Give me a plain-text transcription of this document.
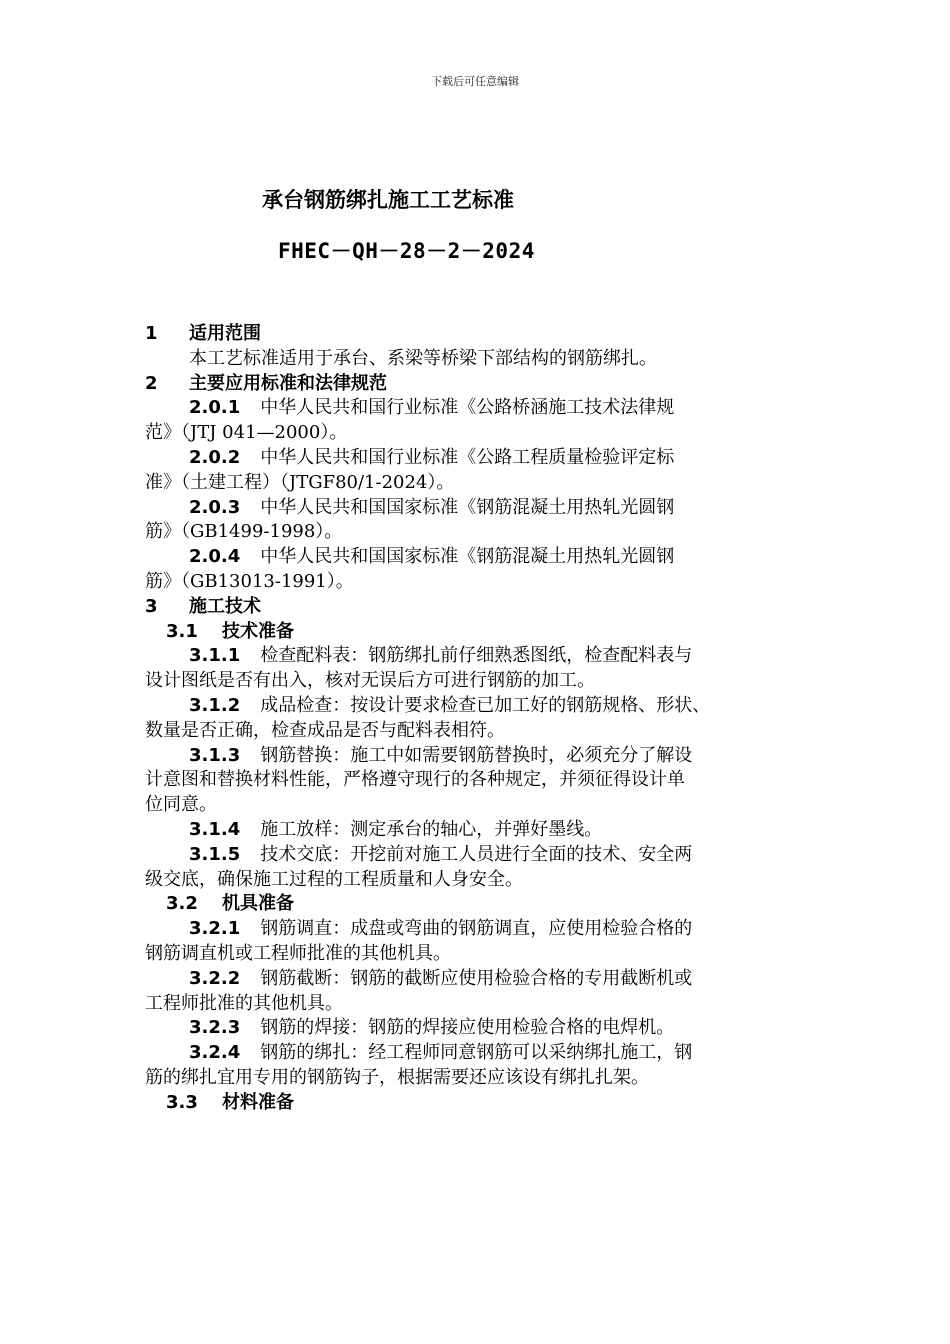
下载后可任意编辑
承台钢筋绑扎施工工艺标准
FHEC－QH－28－2－2024
1 适用范围
本工艺标准适用于承台、系梁等桥梁下部结构的钢筋绑扎。
2 主要应用标准和法律规范
2.0.1 中华人民共和国行业标准《公路桥涵施工技术法律规
范》（JTJ 041—2000）。
2.0.2 中华人民共和国行业标准《公路工程质量检验评定标
准》（土建工程）（JTGF80/1-2024）。
2.0.3 中华人民共和国国家标准《钢筋混凝土用热轧光圆钢
筋》（GB1499-1998）。
2.0.4 中华人民共和国国家标准《钢筋混凝土用热轧光圆钢
筋》（GB13013-1991）。
3 施工技术
3.1 技术准备
3.1.1 检查配料表：钢筋绑扎前仔细熟悉图纸，检查配料表与
设计图纸是否有出入，核对无误后方可进行钢筋的加工。
3.1.2 成品检查：按设计要求检查已加工好的钢筋规格、形状、
数量是否正确，检查成品是否与配料表相符。
3.1.3 钢筋替换：施工中如需要钢筋替换时，必须充分了解设
计意图和替换材料性能，严格遵守现行的各种规定，并须征得设计单
位同意。
3.1.4 施工放样：测定承台的轴心，并弹好墨线。
3.1.5 技术交底：开挖前对施工人员进行全面的技术、安全两
级交底，确保施工过程的工程质量和人身安全。
3.2 机具准备
3.2.1 钢筋调直：成盘或弯曲的钢筋调直，应使用检验合格的
钢筋调直机或工程师批准的其他机具。
3.2.2 钢筋截断：钢筋的截断应使用检验合格的专用截断机或
工程师批准的其他机具。
3.2.3 钢筋的焊接：钢筋的焊接应使用检验合格的电焊机。
3.2.4 钢筋的绑扎：经工程师同意钢筋可以采纳绑扎施工，钢
筋的绑扎宜用专用的钢筋钩子，根据需要还应该设有绑扎扎架。
3.3 材料准备
